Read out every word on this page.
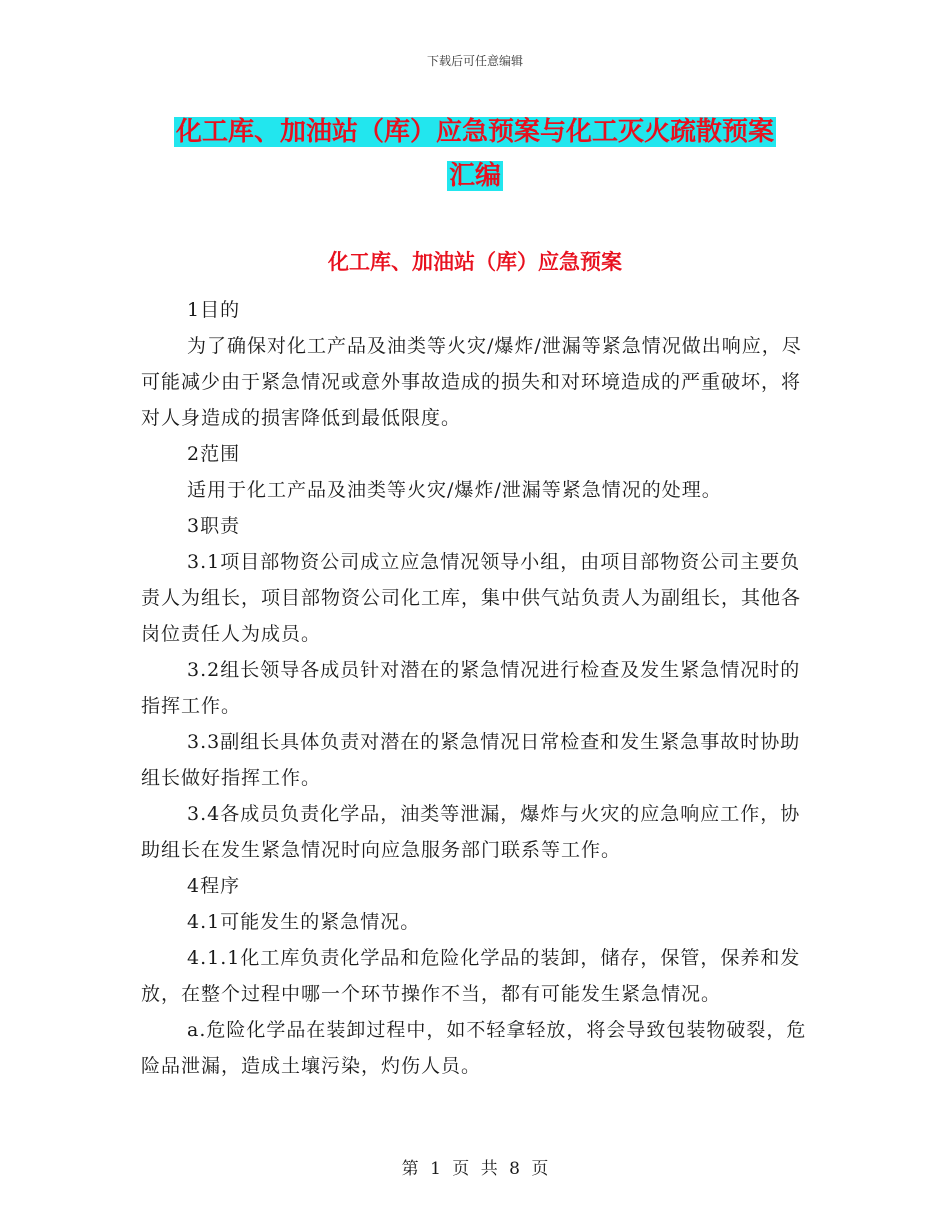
下载后可任意编辑
化工库、加油站（库）应急预案与化工灭火疏散预案
汇编
化工库、加油站（库）应急预案

1目的

为了确保对化工产品及油类等火灾/爆炸/泄漏等紧急情况做出响应，尽可能减少由于紧急情况或意外事故造成的损失和对环境造成的严重破坏，将对人身造成的损害降低到最低限度。

2范围

适用于化工产品及油类等火灾/爆炸/泄漏等紧急情况的处理。

3职责

3.1项目部物资公司成立应急情况领导小组，由项目部物资公司主要负责人为组长，项目部物资公司化工库，集中供气站负责人为副组长，其他各岗位责任人为成员。

3.2组长领导各成员针对潜在的紧急情况进行检查及发生紧急情况时的指挥工作。

3.3副组长具体负责对潜在的紧急情况日常检查和发生紧急事故时协助组长做好指挥工作。

3.4各成员负责化学品，油类等泄漏，爆炸与火灾的应急响应工作，协助组长在发生紧急情况时向应急服务部门联系等工作。

4程序

4.1可能发生的紧急情况。

4.1.1化工库负责化学品和危险化学品的装卸，储存，保管，保养和发放，在整个过程中哪一个环节操作不当，都有可能发生紧急情况。

a.危险化学品在装卸过程中，如不轻拿轻放，将会导致包装物破裂，危险品泄漏，造成土壤污染，灼伤人员。

第 1 页 共 8 页
